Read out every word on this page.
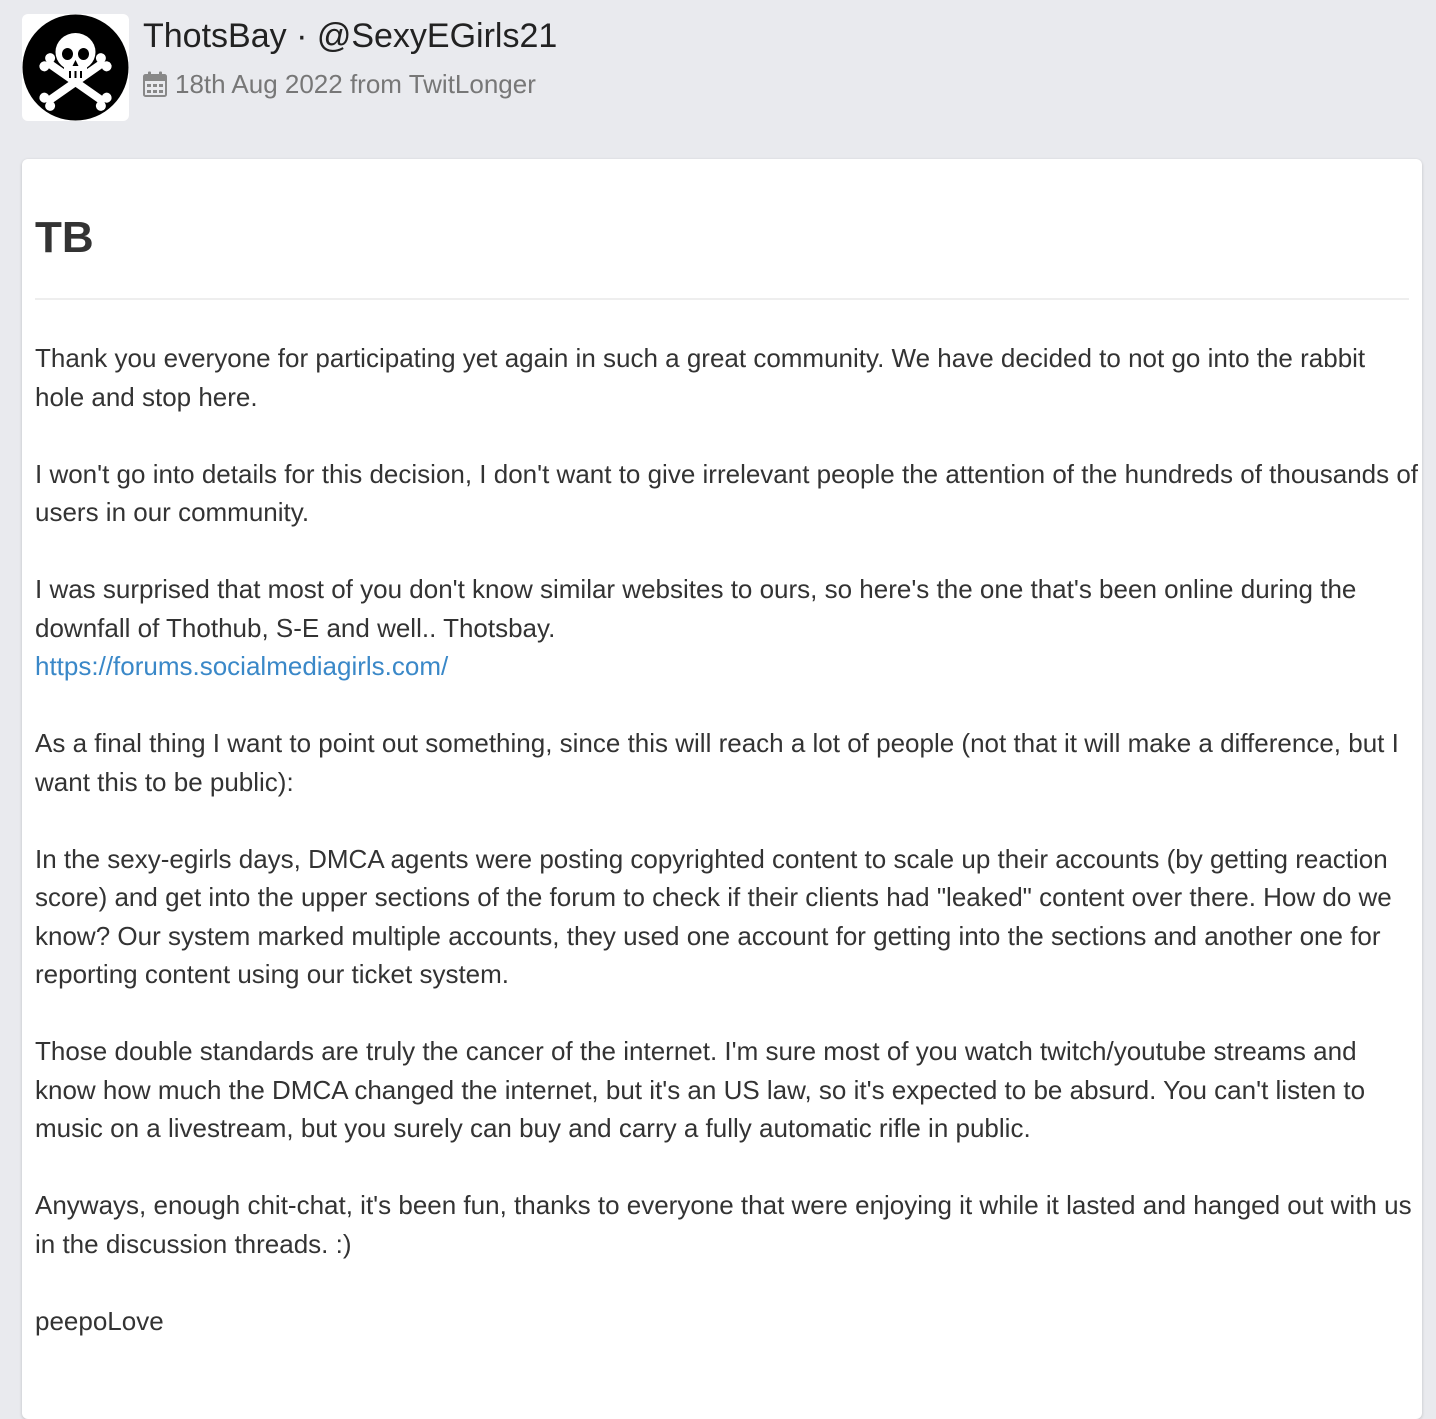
ThotsBay · @SexyEGirls21
18th Aug 2022 from TwitLonger
TB

Thank you everyone for participating yet again in such a great community. We have decided to not go into the rabbit hole and stop here.

I won't go into details for this decision, I don't want to give irrelevant people the attention of the hundreds of thousands of users in our community.

I was surprised that most of you don't know similar websites to ours, so here's the one that's been online during the downfall of Thothub, S-E and well.. Thotsbay.
https://forums.socialmediagirls.com/

As a final thing I want to point out something, since this will reach a lot of people (not that it will make a difference, but I want this to be public):

In the sexy-egirls days, DMCA agents were posting copyrighted content to scale up their accounts (by getting reaction score) and get into the upper sections of the forum to check if their clients had "leaked" content over there. How do we know? Our system marked multiple accounts, they used one account for getting into the sections and another one for reporting content using our ticket system.

Those double standards are truly the cancer of the internet. I'm sure most of you watch twitch/youtube streams and know how much the DMCA changed the internet, but it's an US law, so it's expected to be absurd. You can't listen to music on a livestream, but you surely can buy and carry a fully automatic rifle in public.

Anyways, enough chit-chat, it's been fun, thanks to everyone that were enjoying it while it lasted and hanged out with us in the discussion threads. :)

peepoLove
